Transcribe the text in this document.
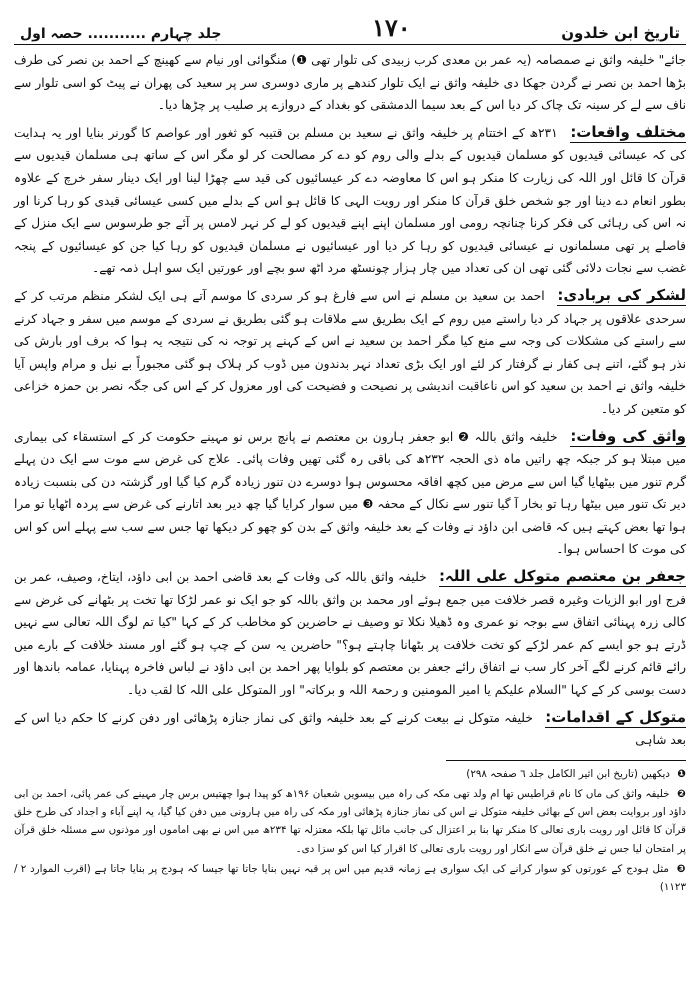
تاریخ ابن خلدون
١٧٠
جلد چہارم ........... حصہ اول

جائے" خلیفہ واثق نے صمصامہ (یہ عمر بن معدی کرب زبیدی کی تلوار تھی ❶) منگوائی اور نیام سے کھینچ کے احمد بن نصر کی طرف بڑھا احمد بن نصر نے گردن جھکا دی خلیفہ واثق نے ایک تلوار کندھے پر ماری دوسری سر پر سعید کی پھران نے پیٹ کو اسی تلوار سے ناف سے لے کر سینہ تک چاک کر دیا اس کے بعد سیما الدمشقی کو بغداد کے دروازے پر صلیب پر چڑھا دیا۔

مختلف واقعات: ۲۳۱ھ کے اختتام پر خلیفہ واثق نے سعید بن مسلم بن قتیبہ کو ثغور اور عواصم کا گورنر بنایا اور یہ ہدایت کی کہ عیسائی قیدیوں کو مسلمان قیدیوں کے بدلے والی روم کو دے کر مصالحت کر لو مگر اس کے ساتھ ہی مسلمان قیدیوں سے قرآن کا قائل اور اللہ کی زیارت کا منکر ہو اس کا معاوضہ دے کر عیسائیوں کی قید سے چھڑا لینا اور ایک دینار سفر خرچ کے علاوہ بطور انعام دے دینا اور جو شخص خلق قرآن کا منکر اور رویت الہی کا قائل ہو اس کے بدلے میں کسی عیسائی قیدی کو رہا کرنا اور نہ اس کی رہائی کی فکر کرنا چنانچہ رومی اور مسلمان اپنے اپنے قیدیوں کو لے کر نہر لامس پر آئے جو طرسوس سے ایک منزل کے فاصلے پر تھی مسلمانوں نے عیسائی قیدیوں کو رہا کر دیا اور عیسائیوں نے مسلمان قیدیوں کو رہا کیا جن کو عیسائیوں کے پنجہ غضب سے نجات دلائی گئی تھی ان کی تعداد میں چار ہزار چونسٹھ مرد اٹھ سو بچے اور عورتیں ایک سو اہل ذمہ تھے۔

لشکر کی بربادی: احمد بن سعید بن مسلم نے اس سے فارغ ہو کر سردی کا موسم آتے ہی ایک لشکر منظم مرتب کر کے سرحدی علاقوں پر جہاد کر دیا راستے میں روم کے ایک بطریق سے ملاقات ہو گئی بطریق نے سردی کے موسم میں سفر و جہاد کرنے سے راستے کی مشکلات کی وجہ سے منع کیا مگر احمد بن سعید نے اس کے کہنے پر توجہ نہ کی نتیجہ یہ ہوا کہ برف اور بارش کی نذر ہو گئے، اتنے ہی کفار نے گرفتار کر لئے اور ایک بڑی تعداد نہر بدندون میں ڈوب کر ہلاک ہو گئی مجبوراً بے نیل و مرام واپس آیا خلیفہ واثق نے احمد بن سعید کو اس ناعاقبت اندیشی پر نصیحت و فضیحت کی اور معزول کر کے اس کی جگہ نصر بن حمزہ خزاعی کو متعین کر دیا۔

واثق کی وفات: خلیفہ واثق باللہ ❷ ابو جعفر ہارون بن معتصم نے پانچ برس نو مہینے حکومت کر کے استسقاء کی بیماری میں مبتلا ہو کر جبکہ چھ راتیں ماہ ذی الحجہ ۲۳۲ھ کی باقی رہ گئی تھیں وفات پائی۔ علاج کی غرض سے موت سے ایک دن پہلے گرم تنور میں بیٹھایا گیا اس سے مرض میں کچھ افاقہ محسوس ہوا دوسرے دن تنور زیادہ گرم کیا گیا اور گزشتہ دن کی بنسبت زیادہ دیر تک تنور میں بیٹھا رہا تو بخار آ گیا تنور سے نکال کے محفہ ❸ میں سوار کرایا گیا چھ دیر بعد اتارنے کی غرض سے پردہ اٹھایا تو مرا ہوا تھا بعض کہتے ہیں کہ قاضی ابن داؤد نے وفات کے بعد خلیفہ واثق کے بدن کو چھو کر دیکھا تھا جس سے سب سے پہلے اس کو اس کی موت کا احساس ہوا۔

جعفر بن معتصم متوکل علی اللہ: خلیفہ واثق باللہ کی وفات کے بعد قاضی احمد بن ابی داؤد، ایتاخ، وصیف، عمر بن فرج اور ابو الزیات وغیرہ قصر خلافت میں جمع ہوئے اور محمد بن واثق باللہ کو جو ایک نو عمر لڑکا تھا تخت پر بٹھانے کی غرض سے کالی زرہ پہنائی اتفاق سے بوجہ نو عمری وہ ڈھیلا نکلا تو وصیف نے حاضرین کو مخاطب کر کے کہا "کیا تم لوگ اللہ تعالی سے نہیں ڈرتے ہو جو ایسے کم عمر لڑکے کو تخت خلافت پر بٹھانا چاہتے ہو؟" حاضرین یہ سن کے چپ ہو گئے اور مسند خلافت کے بارے میں رائے قائم کرنے لگے آخر کار سب نے اتفاق رائے جعفر بن معتصم کو بلوایا پھر احمد بن ابی داؤد نے لباس فاخرہ پہنایا، عمامہ باندھا اور دست بوسی کر کے کہا "السلام علیکم یا امیر المومنین و رحمۃ اللہ و برکاتہ" اور المتوکل علی اللہ کا لقب دیا۔

متوکل کے اقدامات: خلیفہ متوکل نے بیعت کرنے کے بعد خلیفہ واثق کی نماز جنازہ پڑھائی اور دفن کرنے کا حکم دیا اس کے بعد شاہی

❶ دیکھیں (تاریخ ابن اثیر الکامل جلد ٦ صفحہ ٢٩٨)

❷ خلیفہ واثق کی ماں کا نام قراطیس تھا ام ولد تھی مکہ کی راہ میں بیسویں شعبان ۱۹۶ھ کو پیدا ہوا چھتیس برس چار مہینے کی عمر پائی، احمد بن ابی داؤد اور بروایت بعض اس کے بھائی خلیفہ متوکل نے اس کی نماز جنازہ پڑھائی اور مکہ کی راہ میں ہارونی میں دفن کیا گیا، یہ اپنے آباء و اجداد کی طرح خلق قرآن کا قائل اور رویت باری تعالی کا منکر تھا بنا بر اعتزال کی جانب مائل تھا بلکہ معتزلہ تھا ۲۳۴ھ میں اس نے بھی اماموں اور موذنوں سے مسئلہ خلق قرآن پر امتحان لیا جس نے خلق قرآن سے انکار اور رویت باری تعالی کا اقرار کیا اس کو سزا دی۔

❸ مثل ہودج کے عورتوں کو سوار کرانے کی ایک سواری ہے زمانہ قدیم میں اس پر قبہ نہیں بنایا جاتا تھا جیسا کہ ہودج پر بنایا جاتا ہے (اقرب الموارد ٢ / ١١٢٣)
